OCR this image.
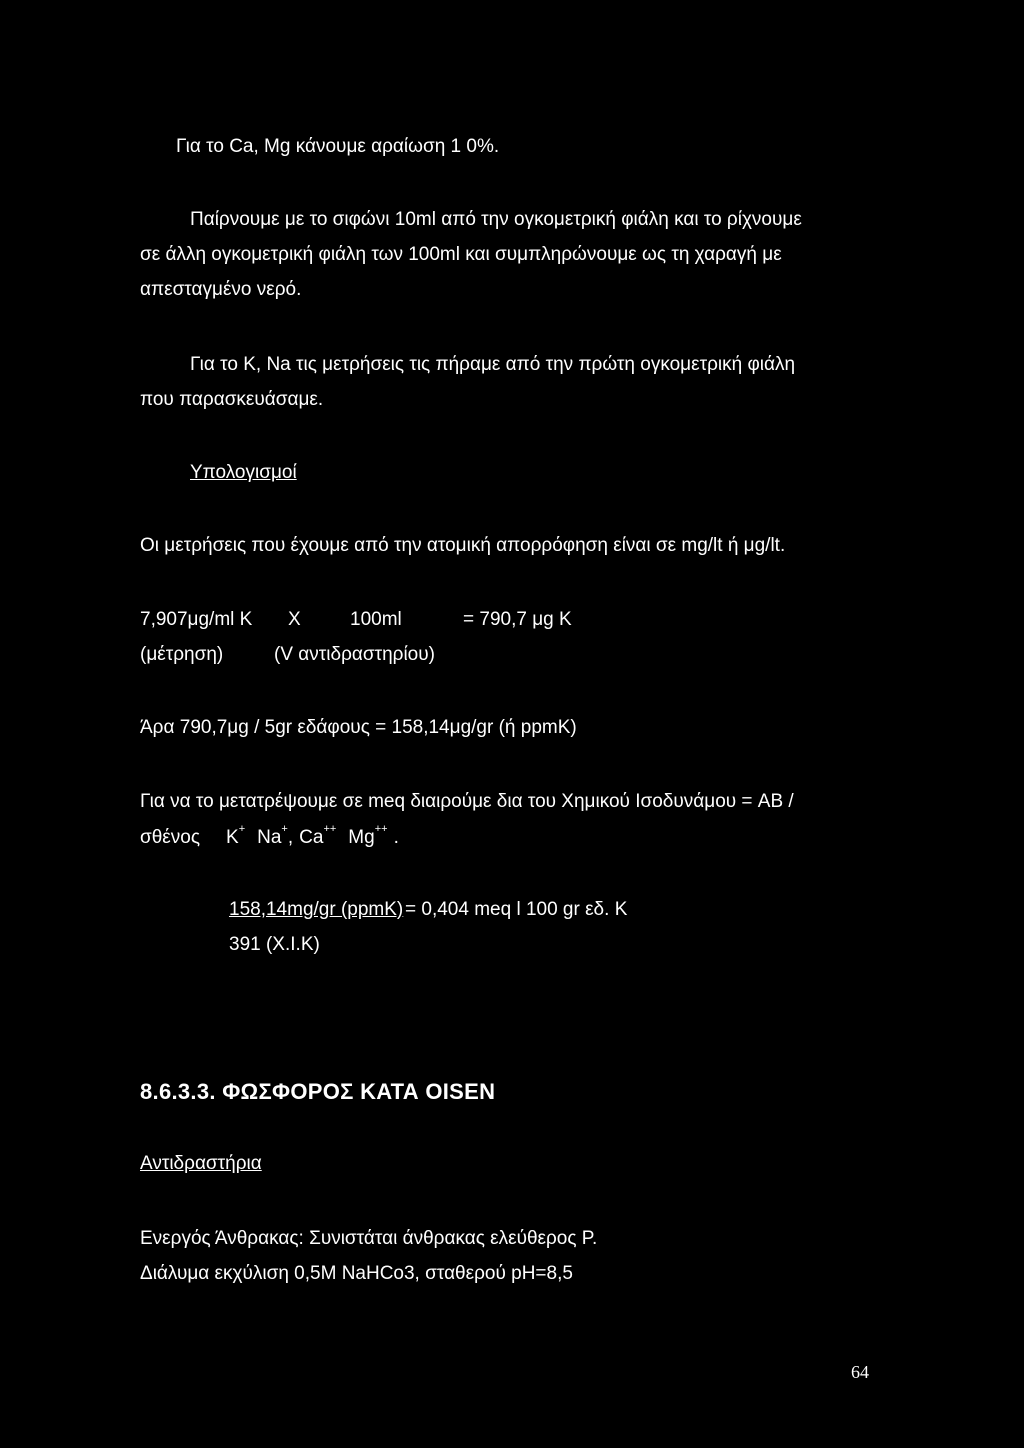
Για το Ca, Mg κάνουμε αραίωση 1 0%.
Παίρνουμε με το σιφώνι 10ml από την ογκομετρική φιάλη και το ρίχνουμε
σε άλλη ογκομετρική φιάλη των 100ml και συμπληρώνουμε ως τη χαραγή με
απεσταγμένο νερό.
Για το K, Na τις μετρήσεις τις πήραμε από την πρώτη ογκομετρική φιάλη
που παρασκευάσαμε.
Υπολογισμοί
Οι μετρήσεις που έχουμε από την ατομική απορρόφηση είναι σε mg/lt ή μg/lt.
7,907μg/ml K X	100ml	= 790,7 μg K
(μέτρηση)	(V αντιδραστηρίου)
Άρα 790,7μg / 5gr εδάφους = 158,14μg/gr (ή ppmK)
Για να το μετατρέψουμε σε meq διαιρούμε δια του Χημικού Ισοδυνάμου = AB /
σθένος K+ Na+, Ca++ Mg++ .
158,14mg/gr (ppmK) = 0,404 meq l 100 gr εδ. K
391 (X.I.K)
8.6.3.3. ΦΩΣΦΟΡΟΣ ΚΑΤΑ OISEN
Αντιδραστήρια
Ενεργός Άνθρακας: Συνιστάται άνθρακας ελεύθερος P.
Διάλυμα εκχύλιση 0,5M NaHCo3, σταθερού pH=8,5
64
